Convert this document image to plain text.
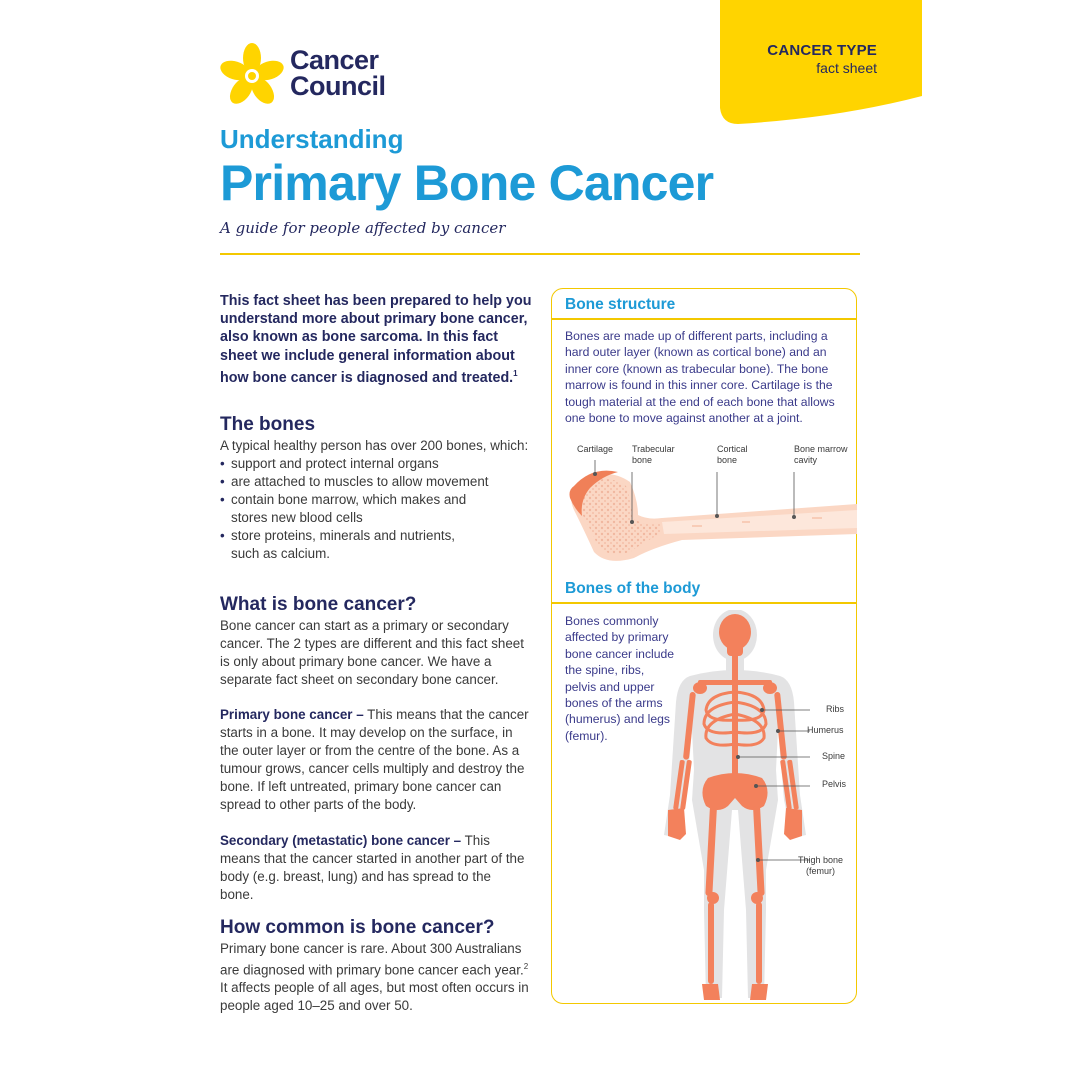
CANCER TYPE
fact sheet
Cancer
Council
Understanding
Primary Bone Cancer
A guide for people affected by cancer
This fact sheet has been prepared to help you
understand more about primary bone cancer,
also known as bone sarcoma. In this fact
sheet we include general information about
how bone cancer is diagnosed and treated.$^1$
The bones
A typical healthy person has over 200 bones, which:
• support and protect internal organs
• are attached to muscles to allow movement
• contain bone marrow, which makes and stores new blood cells
• store proteins, minerals and nutrients, such as calcium.
What is bone cancer?
Bone cancer can start as a primary or secondary cancer. The 2 types are different and this fact sheet is only about primary bone cancer. We have a separate fact sheet on secondary bone cancer.
Primary bone cancer – This means that the cancer starts in a bone. It may develop on the surface, in the outer layer or from the centre of the bone. As a tumour grows, cancer cells multiply and destroy the bone. If left untreated, primary bone cancer can spread to other parts of the body.
Secondary (metastatic) bone cancer – This means that the cancer started in another part of the body (e.g. breast, lung) and has spread to the bone.
How common is bone cancer?
Primary bone cancer is rare. About 300 Australians are diagnosed with primary bone cancer each year.$^2$ It affects people of all ages, but most often occurs in people aged 10–25 and over 50.
Bone structure
Bones are made up of different parts, including a hard outer layer (known as cortical bone) and an inner core (known as trabecular bone). The bone marrow is found in this inner core. Cartilage is the tough material at the end of each bone that allows one bone to move against another at a joint.
Cartilage Trabecular
bone
Cortical
bone
Bone marrow
cavity
Bones of the body
Bones commonly affected by primary bone cancer include the spine, ribs, pelvis and upper bones of the arms (humerus) and legs (femur).
Ribs
Humerus
Spine
Pelvis
Thigh bone
(femur)
